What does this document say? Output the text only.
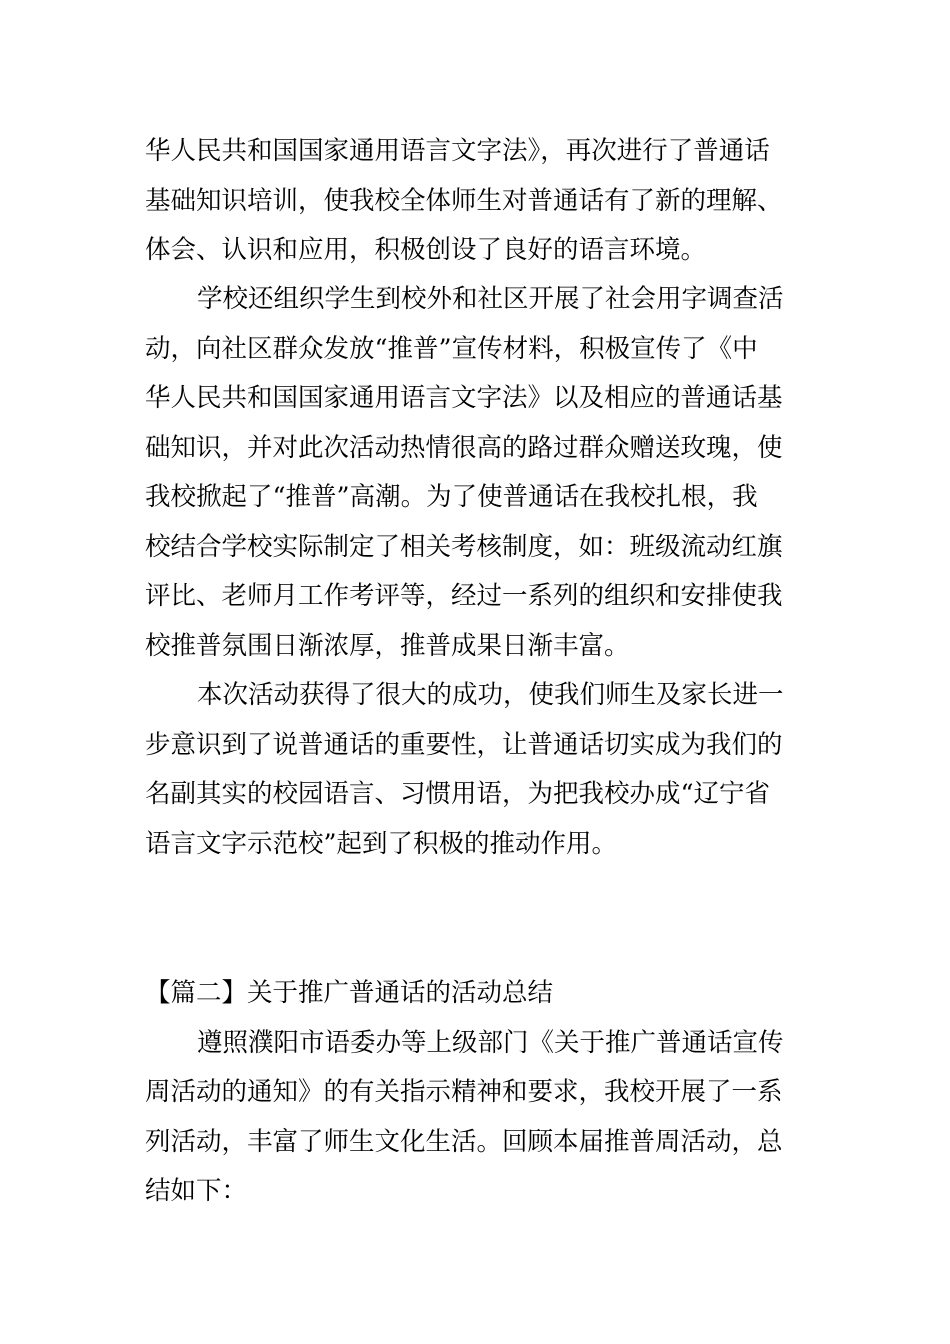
华人民共和国国家通用语言文字法》，再次进行了普通话

基础知识培训，使我校全体师生对普通话有了新的理解、

体会、认识和应用，积极创设了良好的语言环境。

学校还组织学生到校外和社区开展了社会用字调查活

动，向社区群众发放“推普”宣传材料，积极宣传了《中

华人民共和国国家通用语言文字法》以及相应的普通话基

础知识，并对此次活动热情很高的路过群众赠送玫瑰，使

我校掀起了“推普”高潮。为了使普通话在我校扎根，我

校结合学校实际制定了相关考核制度，如：班级流动红旗

评比、老师月工作考评等，经过一系列的组织和安排使我

校推普氛围日渐浓厚，推普成果日渐丰富。

本次活动获得了很大的成功，使我们师生及家长进一

步意识到了说普通话的重要性，让普通话切实成为我们的

名副其实的校园语言、习惯用语，为把我校办成“辽宁省

语言文字示范校”起到了积极的推动作用。

【篇二】关于推广普通话的活动总结

遵照濮阳市语委办等上级部门《关于推广普通话宣传

周活动的通知》的有关指示精神和要求，我校开展了一系

列活动，丰富了师生文化生活。回顾本届推普周活动，总

结如下：
